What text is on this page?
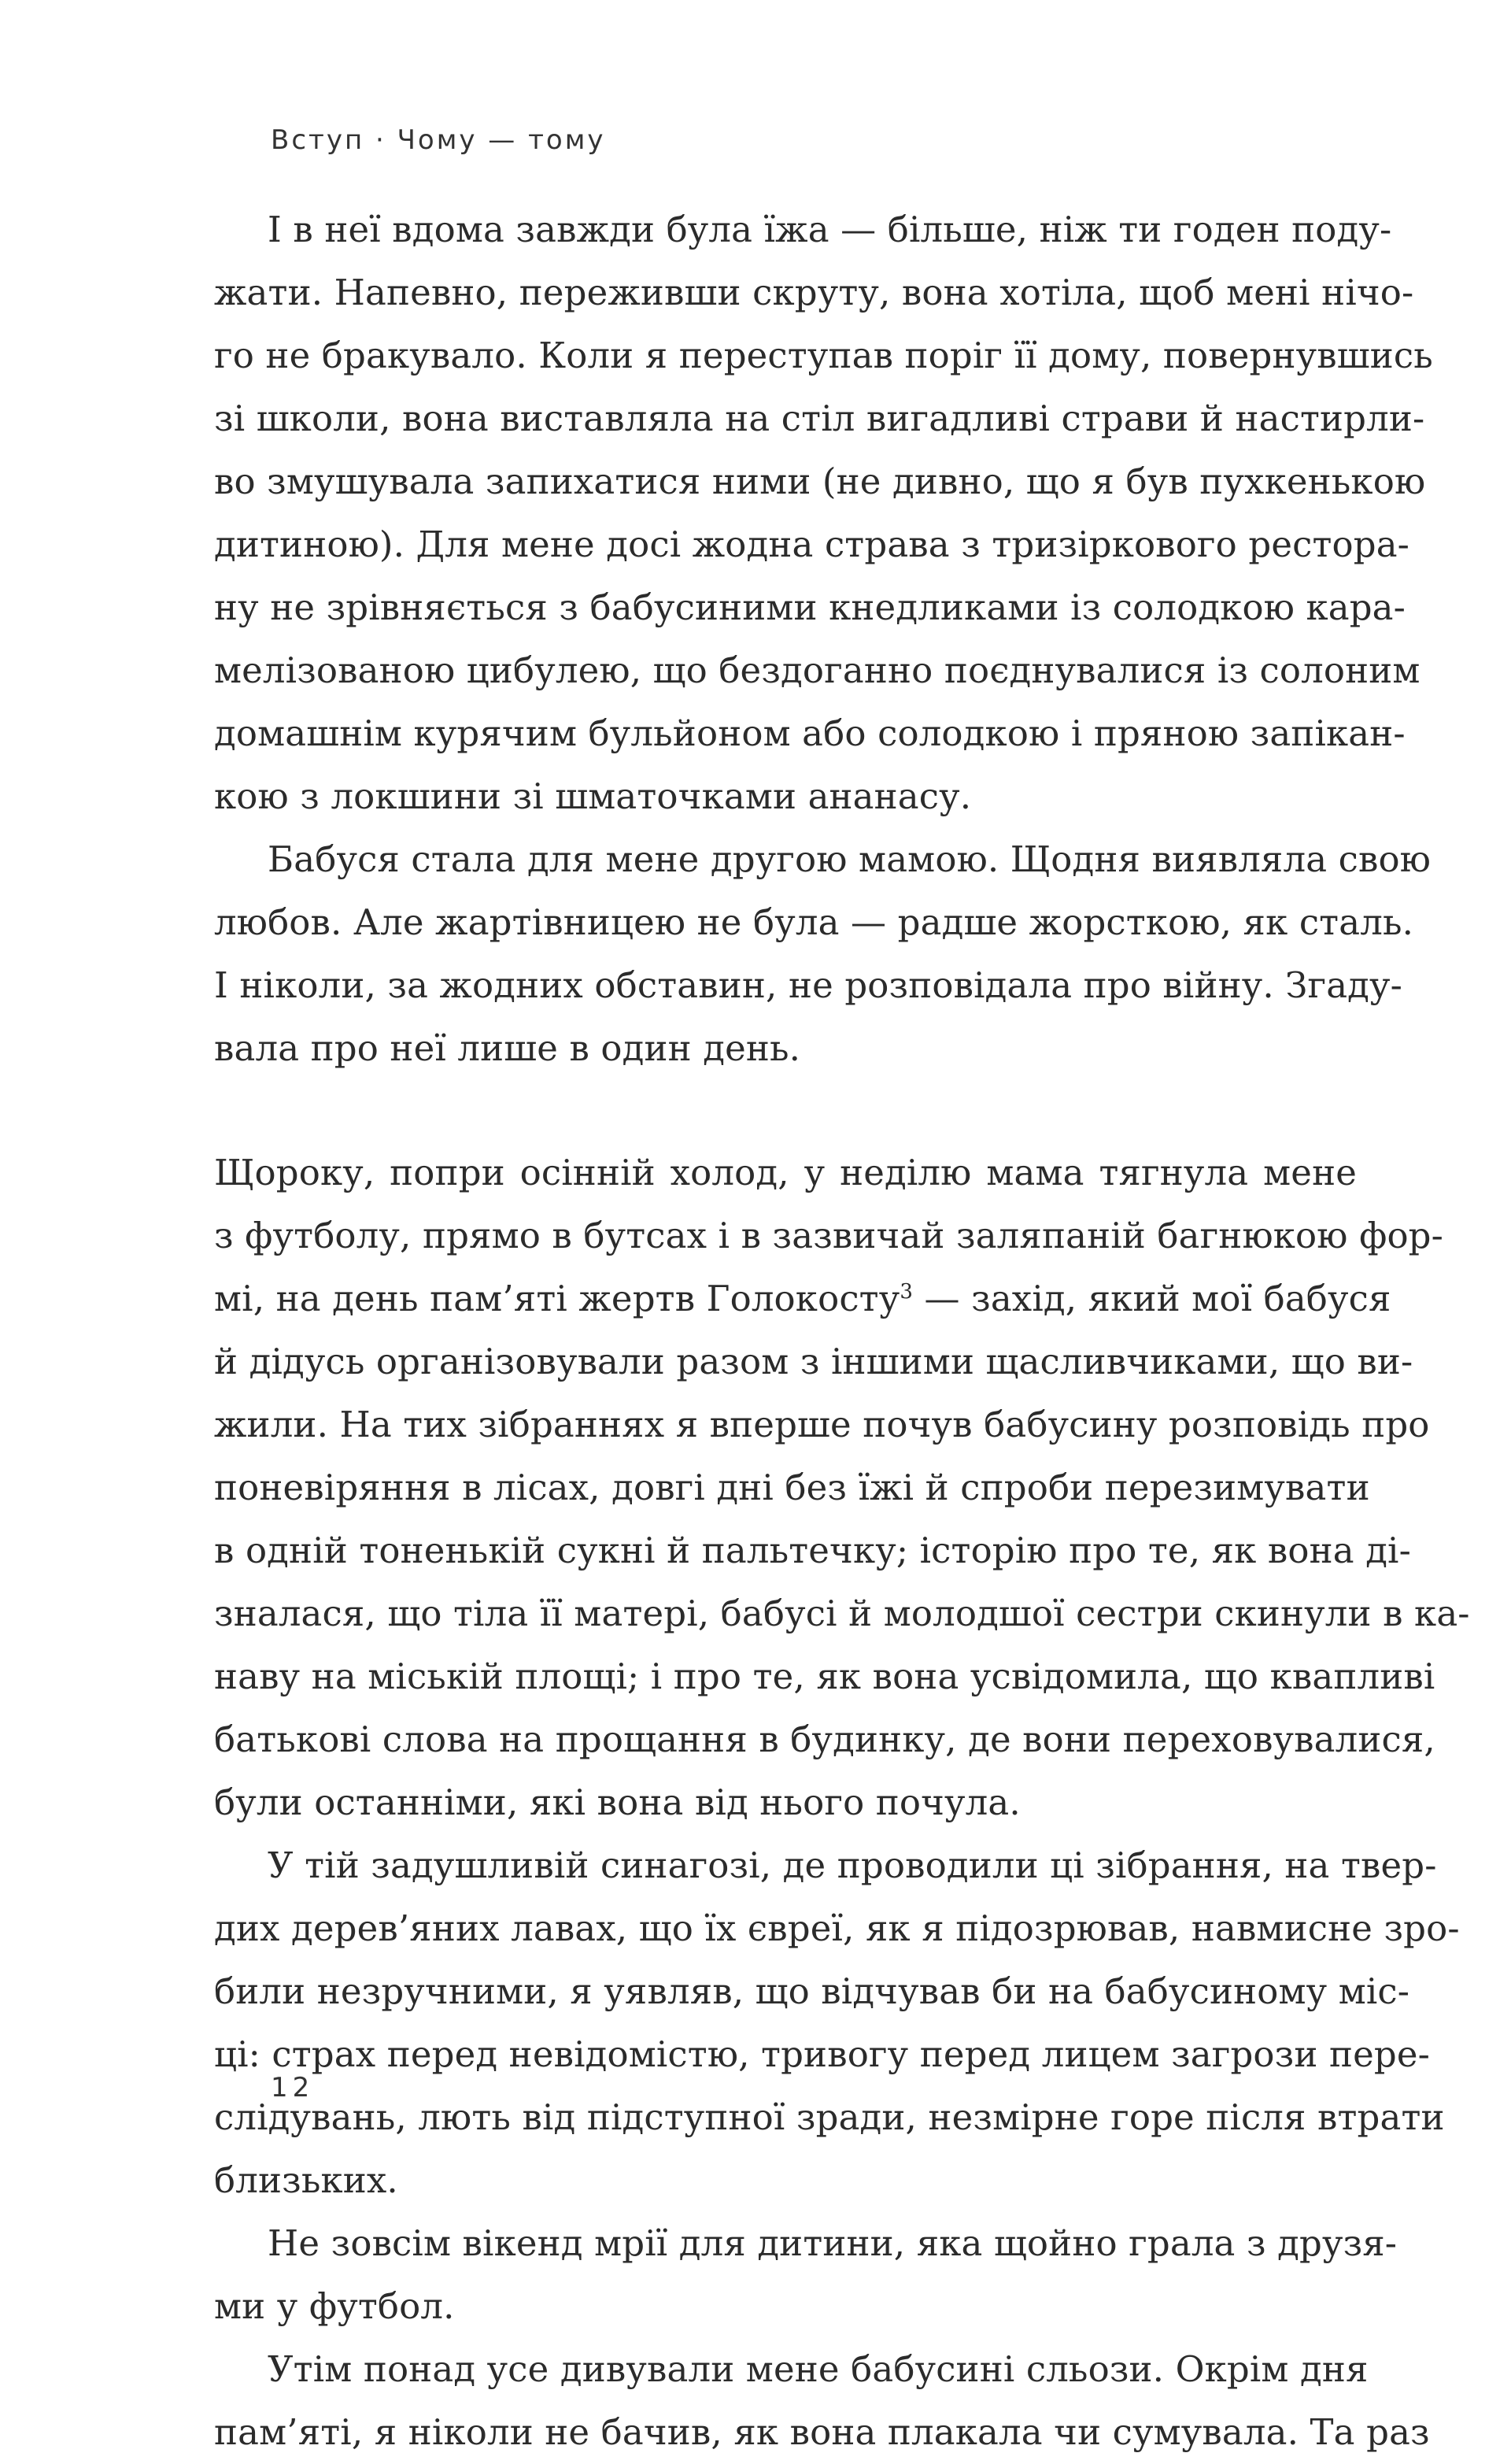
Вступ · Чому — тому
І в неї вдома завжди була їжа — більше, ніж ти годен поду-
жати. Напевно, переживши скруту, вона хотіла, щоб мені нічо-
го не бракувало. Коли я переступав поріг її дому, повернувшись
зі школи, вона виставляла на стіл вигадливі страви й настирли-
во змушувала запихатися ними (не дивно, що я був пухкенькою
дитиною). Для мене досі жодна страва з тризіркового ресторa-
ну не зрівняється з бабусиними кнедликами із солодкою кара-
мелізованою цибулею, що бездоганно поєднувалися із солоним
домашнім курячим бульйоном або солодкою і пряною запікан-
кою з локшини зі шматочками ананасу.
Бабуся стала для мене другою мамою. Щодня виявляла свою
любов. Але жартівницею не була — радше жорсткою, як сталь.
І ніколи, за жодних обставин, не розповідала про війну. Згаду-
вала про неї лише в один день.
Щороку, попри осінній холод, у неділю мама тягнула мене
з футболу, прямо в бутсах і в зазвичай заляпаній багнюкою фор-
мі, на день пам’яті жертв Голокосту$^3$ — захід, який мої бабуся
й дідусь організовували разом з іншими щасливчиками, що ви-
жили. На тих зібраннях я вперше почув бабусину розповідь про
поневіряння в лісах, довгі дні без їжі й спроби перезимувати
в одній тоненькій сукні й пальтечку; історію про те, як вона ді-
зналася, що тіла її матері, бабусі й молодшої сестри скинули в ка-
наву на міській площі; і про те, як вона усвідомила, що квапливі
батькові слова на прощання в будинку, де вони переховувалися,
були останніми, які вона від нього почула.
У тій задушливій синагозі, де проводили ці зібрання, на твер-
дих дерев’яних лавах, що їх євреї, як я підозрював, навмисне зро-
били незручними, я уявляв, що відчував би на бабусиному міс-
ці: страх перед невідомістю, тривогу перед лицем загрози пере-
слідувань, лють від підступної зради, незмірне горе після втрати
близьких.
Не зовсім вікенд мрії для дитини, яка щойно грала з друзя-
ми у футбол.
Утім понад усе дивували мене бабусині сльози. Окрім дня
пам’яті, я ніколи не бачив, як вона плакала чи сумувала. Та раз
12
